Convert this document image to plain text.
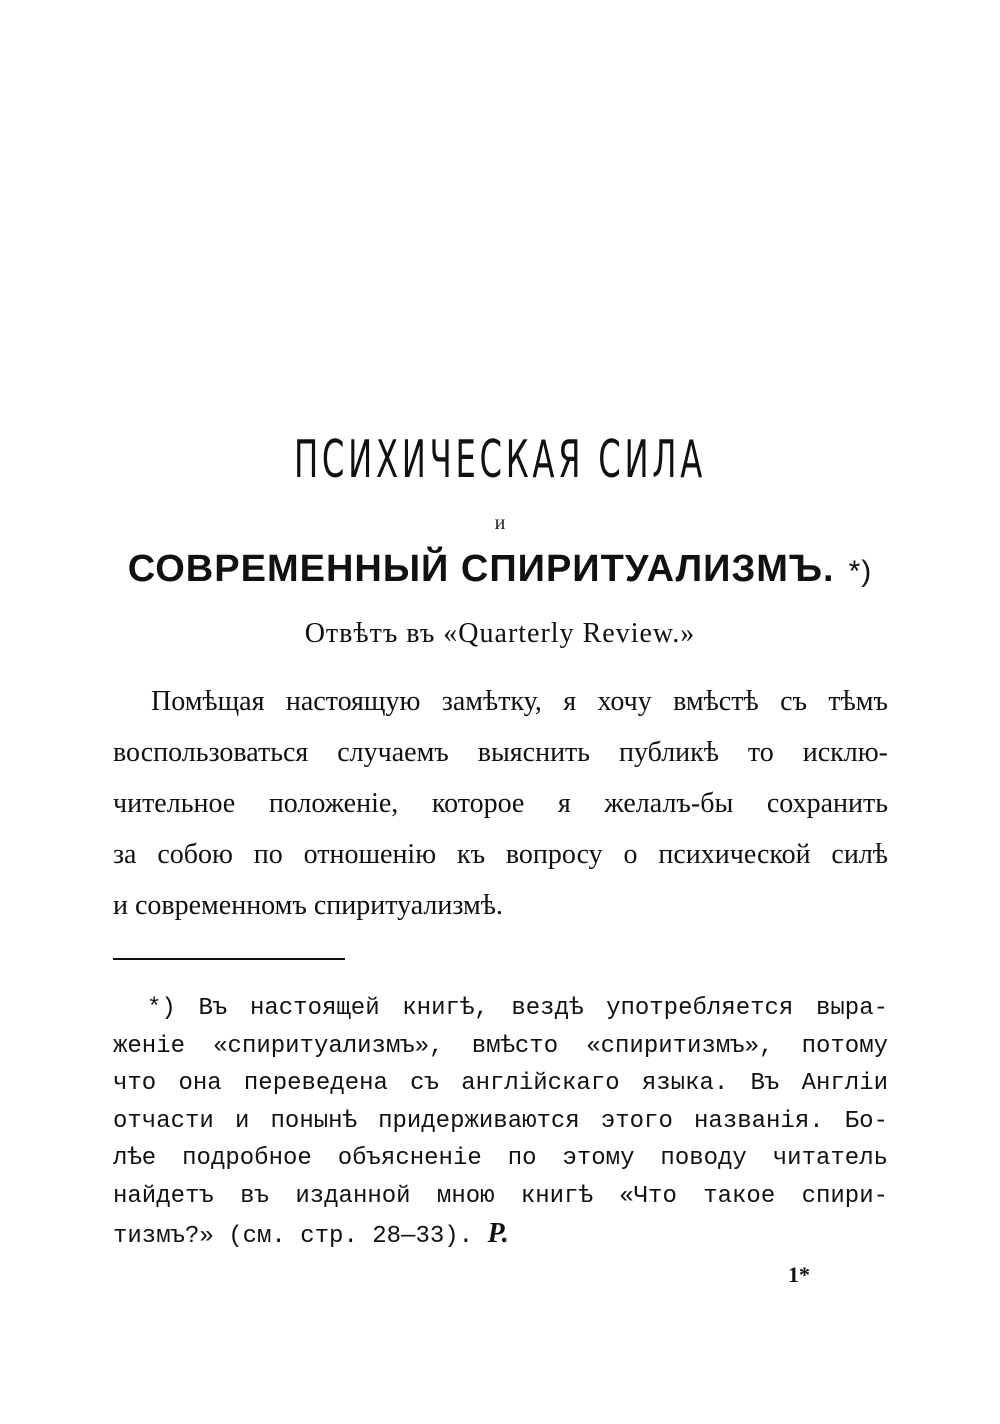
ПСИХИЧЕСКАЯ СИЛА
и
СОВРЕМЕННЫЙ СПИРИТУАЛИЗМЪ. *)
Отвѣтъ въ «Quarterly Review.»
Помѣщая настоящую замѣтку, я хочу вмѣстѣ съ тѣмъ
воспользоваться случаемъ выяснить публикѣ то исклю-
чительное положеніе, которое я желалъ-бы сохранить
за собою по отношенію къ вопросу о психической силѣ
и современномъ спиритуализмѣ.
*) Въ настоящей книгѣ, вездѣ употребляется выра-
женіе «спиритуализмъ», вмѣсто «спиритизмъ», потому
что она переведена съ англійскаго языка. Въ Англіи
отчасти и понынѣ придерживаются этого названія. Бо-
лѣе подробное объясненіе по этому поводу читатель
найдетъ въ изданной мною книгѣ «Что такое спири-
тизмъ?» (см. стр. 28—33). Р.
1*
